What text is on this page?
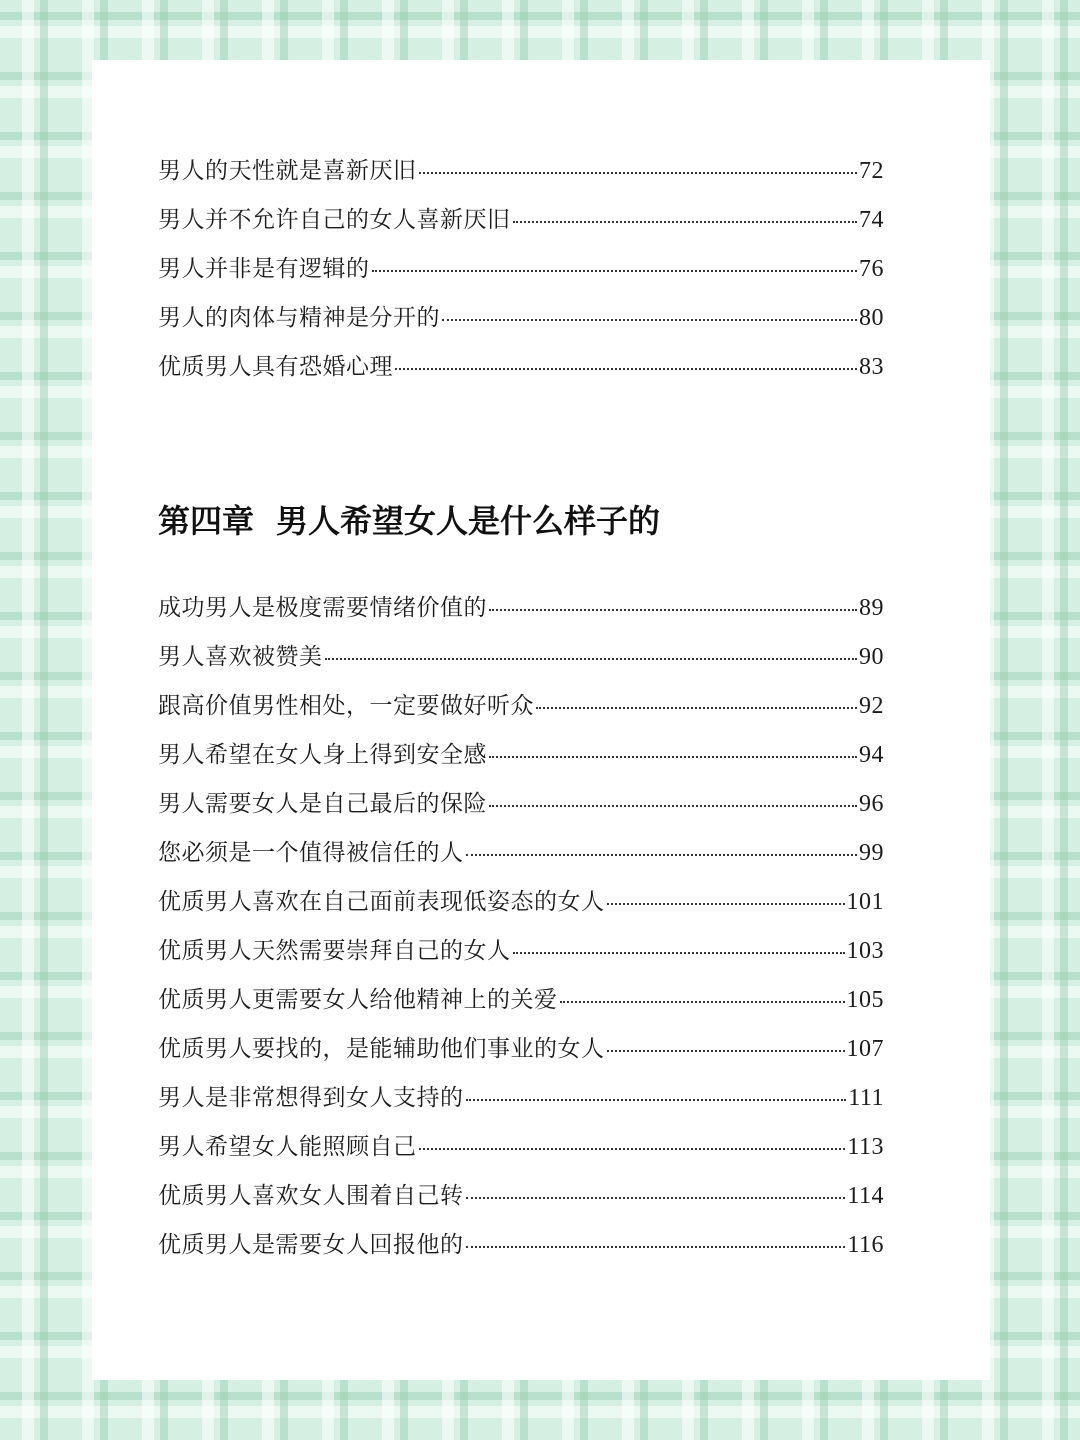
男人的天性就是喜新厌旧	72
男人并不允许自己的女人喜新厌旧	74
男人并非是有逻辑的	76
男人的肉体与精神是分开的	80
优质男人具有恐婚心理	83
第四章 男人希望女人是什么样子的
成功男人是极度需要情绪价值的	89
男人喜欢被赞美	90
跟高价值男性相处，一定要做好听众	92
男人希望在女人身上得到安全感	94
男人需要女人是自己最后的保险	96
您必须是一个值得被信任的人	99
优质男人喜欢在自己面前表现低姿态的女人	101
优质男人天然需要崇拜自己的女人	103
优质男人更需要女人给他精神上的关爱	105
优质男人要找的，是能辅助他们事业的女人	107
男人是非常想得到女人支持的	111
男人希望女人能照顾自己	113
优质男人喜欢女人围着自己转	114
优质男人是需要女人回报他的	116
